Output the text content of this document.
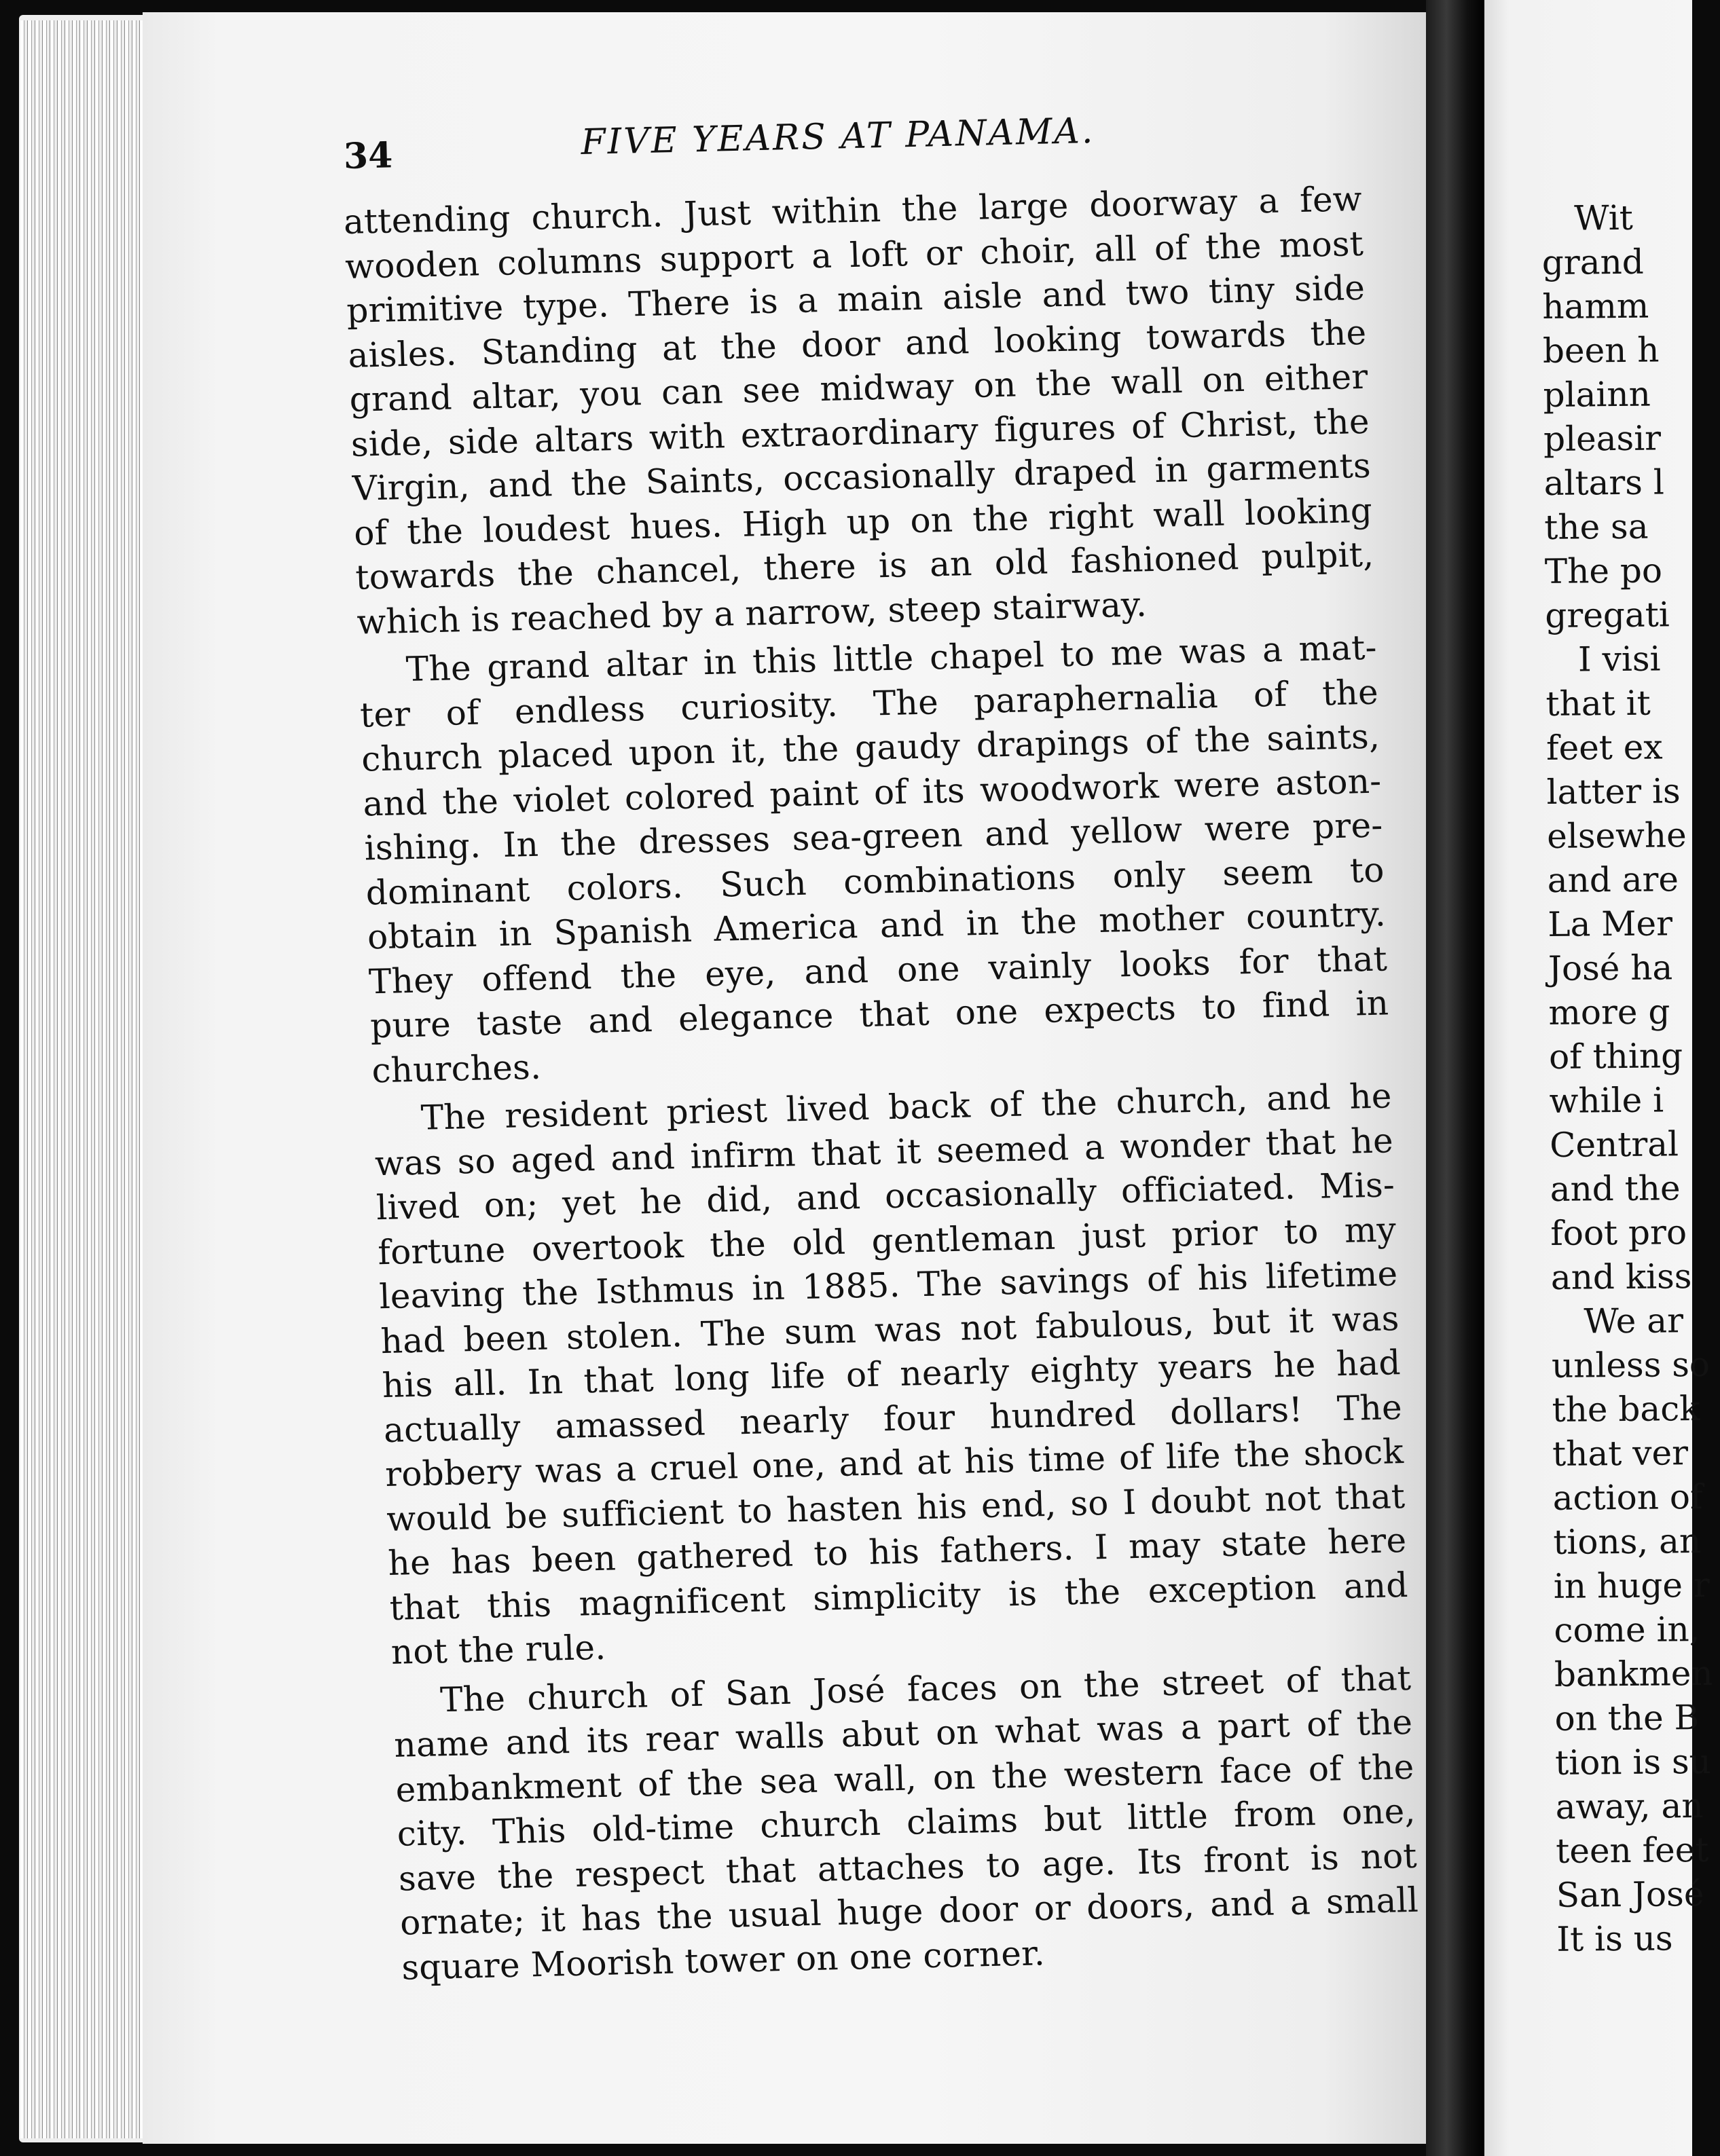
34	FIVE YEARS AT PANAMA.
attending church. Just within the large doorway a few
wooden columns support a loft or choir, all of the most
primitive type. There is a main aisle and two tiny side
aisles. Standing at the door and looking towards the
grand altar, you can see midway on the wall on either
side, side altars with extraordinary figures of Christ, the
Virgin, and the Saints, occasionally draped in garments
of the loudest hues. High up on the right wall looking
towards the chancel, there is an old fashioned pulpit,
which is reached by a narrow, steep stairway.
The grand altar in this little chapel to me was a mat-
ter of endless curiosity. The paraphernalia of the
church placed upon it, the gaudy drapings of the saints,
and the violet colored paint of its woodwork were aston-
ishing. In the dresses sea-green and yellow were pre-
dominant colors. Such combinations only seem to
obtain in Spanish America and in the mother country.
They offend the eye, and one vainly looks for that
pure taste and elegance that one expects to find in
churches.
The resident priest lived back of the church, and he
was so aged and infirm that it seemed a wonder that he
lived on; yet he did, and occasionally officiated. Mis-
fortune overtook the old gentleman just prior to my
leaving the Isthmus in 1885. The savings of his lifetime
had been stolen. The sum was not fabulous, but it was
his all. In that long life of nearly eighty years he had
actually amassed nearly four hundred dollars! The
robbery was a cruel one, and at his time of life the shock
would be sufficient to hasten his end, so I doubt not that
he has been gathered to his fathers. I may state here
that this magnificent simplicity is the exception and
not the rule.
The church of San José faces on the street of that
name and its rear walls abut on what was a part of the
embankment of the sea wall, on the western face of the
city. This old-time church claims but little from one,
save the respect that attaches to age. Its front is not
ornate; it has the usual huge door or doors, and a small
square Moorish tower on one corner.
Wit
grand
hamm
been h
plainn
pleasir
altars l
the sa
The po
gregati
I visi
that it
feet ex
latter is
elsewhe
and are
La Mer
José ha
more g
of thing
while i
Central
and the
foot pro
and kiss
We ar
unless so
the back
that ver
action of
tions, an
in huge r
come in,
bankmen
on the B
tion is su
away, an
teen feet
San José
It is us
